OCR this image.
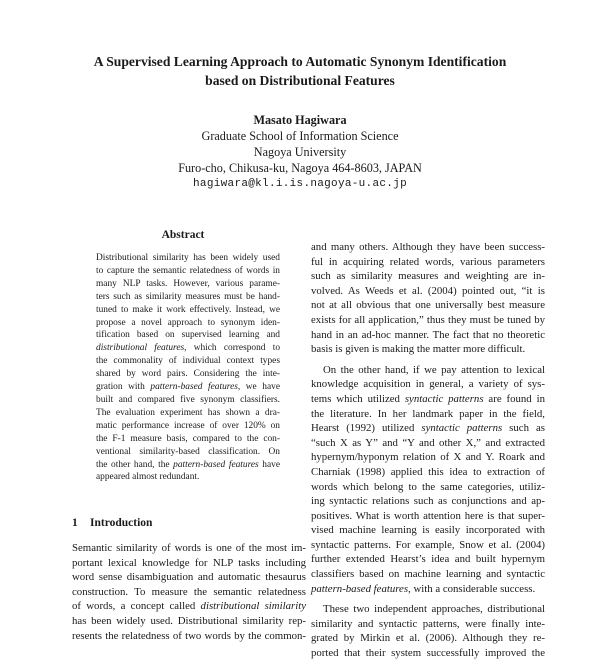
A Supervised Learning Approach to Automatic Synonym Identification
based on Distributional Features
Masato Hagiwara
Graduate School of Information Science
Nagoya University
Furo-cho, Chikusa-ku, Nagoya 464-8603, JAPAN
hagiwara@kl.i.is.nagoya-u.ac.jp
Abstract
Distributional similarity has been widely used
to capture the semantic relatedness of words in
many NLP tasks. However, various parame-
ters such as similarity measures must be hand-
tuned to make it work effectively. Instead, we
propose a novel approach to synonym iden-
tification based on supervised learning and
distributional features, which correspond to
the commonality of individual context types
shared by word pairs. Considering the inte-
gration with pattern-based features, we have
built and compared five synonym classifiers.
The evaluation experiment has shown a dra-
matic performance increase of over 120% on
the F-1 measure basis, compared to the con-
ventional similarity-based classification. On
the other hand, the pattern-based features have
appeared almost redundant.
1 Introduction
Semantic similarity of words is one of the most im-
portant lexical knowledge for NLP tasks including
word sense disambiguation and automatic thesaurus
construction. To measure the semantic relatedness
of words, a concept called distributional similarity
has been widely used. Distributional similarity rep-
resents the relatedness of two words by the common-

and many others. Although they have been success-
ful in acquiring related words, various parameters
such as similarity measures and weighting are in-
volved. As Weeds et al. (2004) pointed out, “it is
not at all obvious that one universally best measure
exists for all application,” thus they must be tuned by
hand in an ad-hoc manner. The fact that no theoretic
basis is given is making the matter more difficult.

On the other hand, if we pay attention to lexical
knowledge acquisition in general, a variety of sys-
tems which utilized syntactic patterns are found in
the literature. In her landmark paper in the field,
Hearst (1992) utilized syntactic patterns such as
“such X as Y” and “Y and other X,” and extracted
hypernym/hyponym relation of X and Y. Roark and
Charniak (1998) applied this idea to extraction of
words which belong to the same categories, utiliz-
ing syntactic relations such as conjunctions and ap-
positives. What is worth attention here is that super-
vised machine learning is easily incorporated with
syntactic patterns. For example, Snow et al. (2004)
further extended Hearst’s idea and built hypernym
classifiers based on machine learning and syntactic
pattern-based features, with a considerable success.

These two independent approaches, distributional
similarity and syntactic patterns, were finally inte-
grated by Mirkin et al. (2006). Although they re-
ported that their system successfully improved the
